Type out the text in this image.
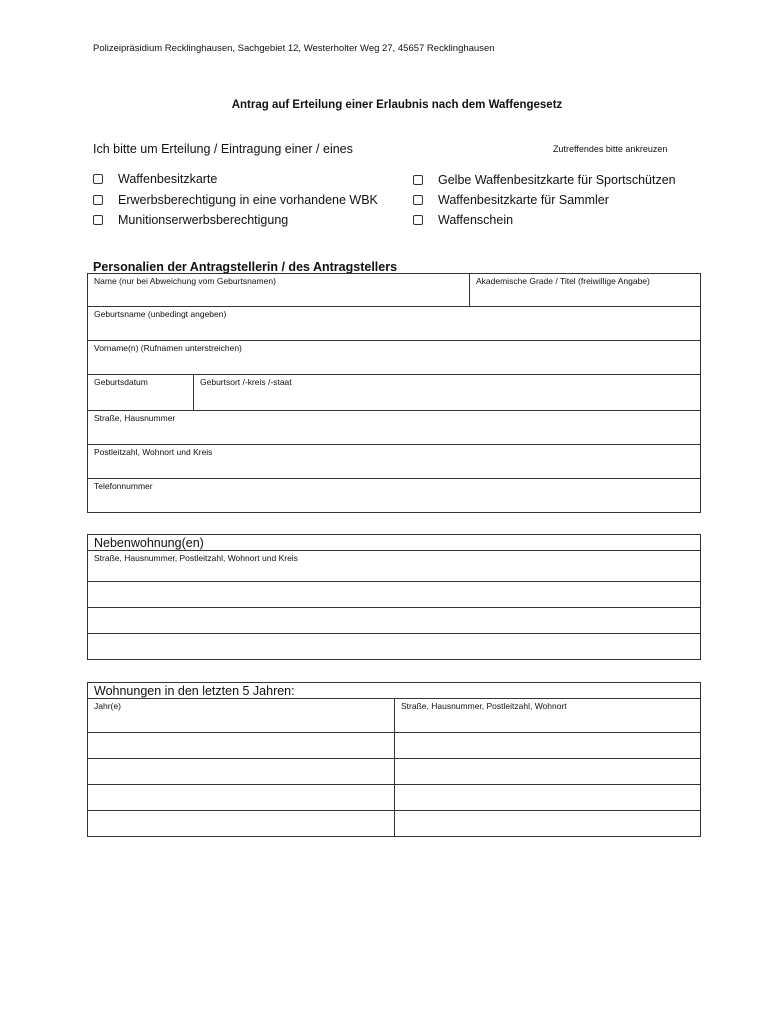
Polizeipräsidium Recklinghausen, Sachgebiet 12, Westerholter Weg 27, 45657 Recklinghausen
Antrag auf Erteilung einer Erlaubnis nach dem Waffengesetz
Ich bitte um Erteilung / Eintragung einer / eines	Zutreffendes bitte ankreuzen
Waffenbesitzkarte
Erwerbsberechtigung in eine vorhandene WBK
Munitionserwerbsberechtigung
Gelbe Waffenbesitzkarte für Sportschützen
Waffenbesitzkarte für Sammler
Waffenschein
Personalien der Antragstellerin / des Antragstellers
Name (nur bei Abweichung vom Geburtsnamen)	Akademische Grade / Titel (freiwillige Angabe)
Geburtsname (unbedingt angeben)
Vorname(n) (Rufnamen unterstreichen)
Geburtsdatum	Geburtsort /-kreis /-staat
Straße, Hausnummer
Postleitzahl, Wohnort und Kreis
Telefonnummer
Nebenwohnung(en)
Straße, Hausnummer, Postleitzahl, Wohnort und Kreis
Wohnungen in den letzten 5 Jahren:
Jahr(e)	Straße, Hausnummer, Postleitzahl, Wohnort
